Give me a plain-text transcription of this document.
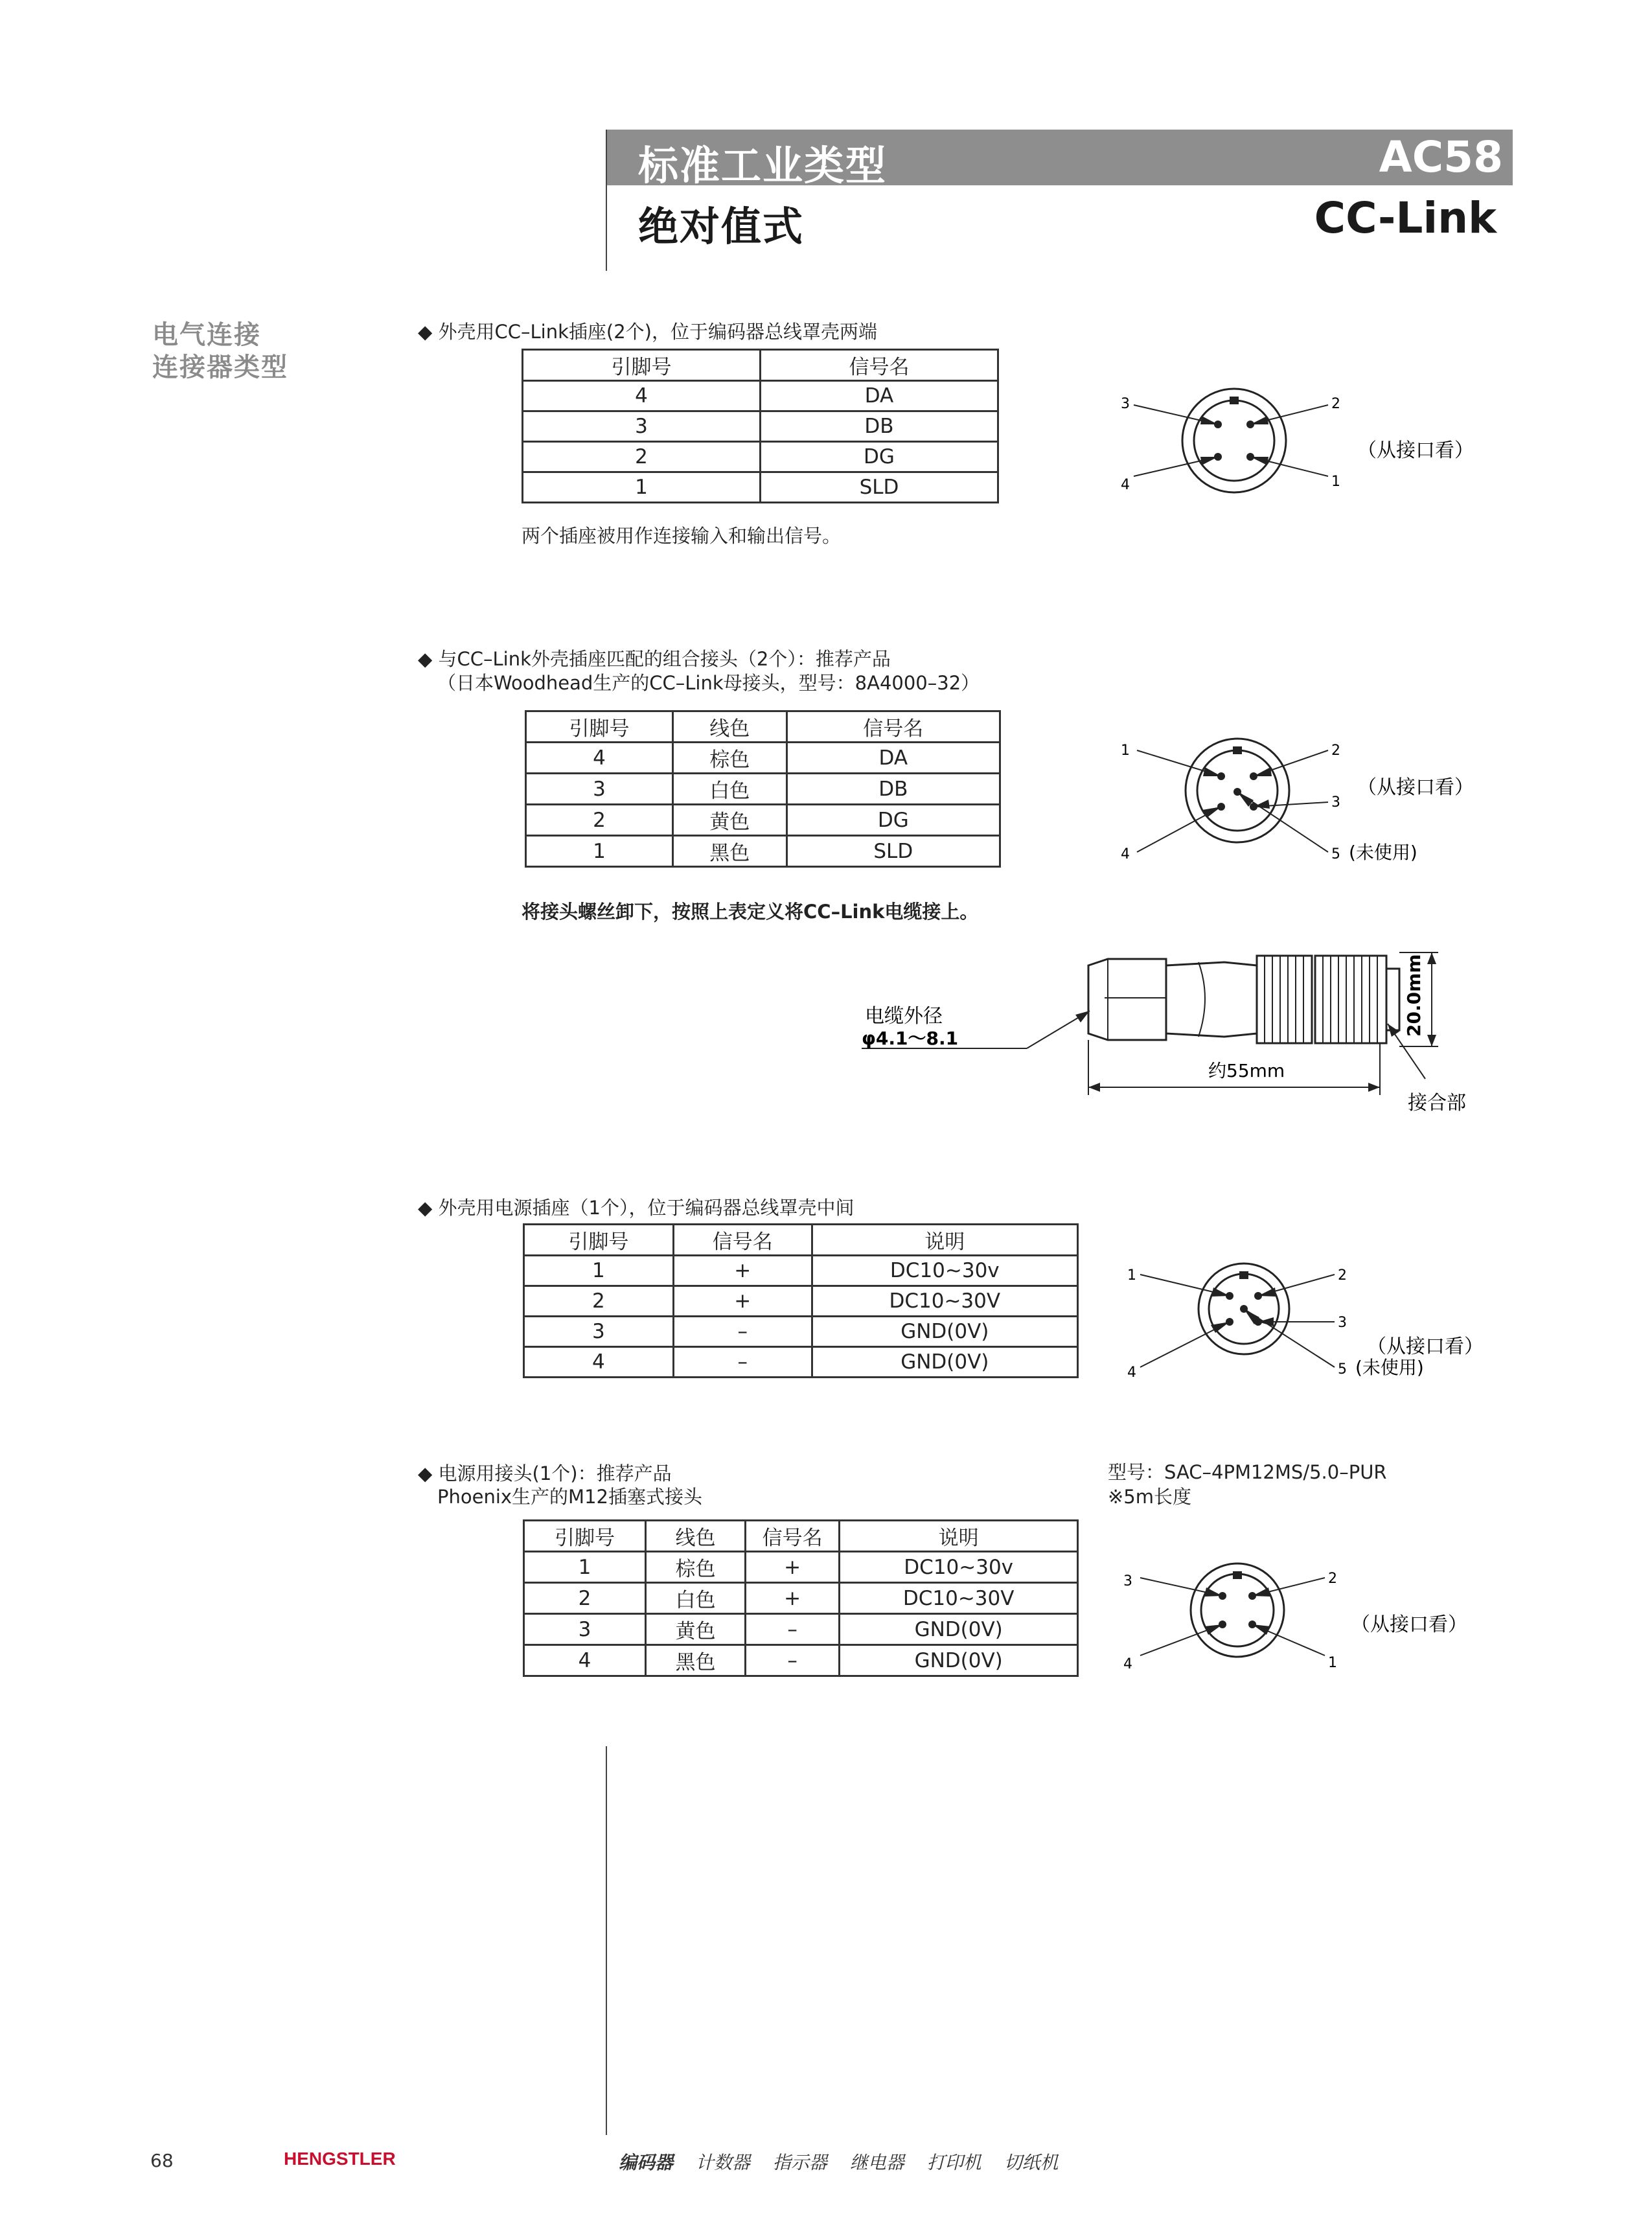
标准工业类型	AC58
绝对值式	CC-Link
电气连接
连接器类型
◆ 外壳用CC–Link插座(2个)，位于编码器总线罩壳两端
引脚号	信号名
4	DA
3	DB
2	DG
1	SLD
两个插座被用作连接输入和输出信号。
3	2
4	1
（从接口看）
◆ 与CC–Link外壳插座匹配的组合接头（2个）：推荐产品
（日本Woodhead生产的CC–Link母接头，型号：8A4000–32）
引脚号	线色	信号名
4	棕色	DA
3	白色	DB
2	黄色	DG
1	黑色	SLD
将接头螺丝卸下，按照上表定义将CC–Link电缆接上。
1	2
3
4	5
（从接口看）
(未使用)
20.0mm
约55mm
电缆外径
φ4.1～8.1
接合部
◆ 外壳用电源插座（1个），位于编码器总线罩壳中间
引脚号	信号名	说明
1	+	DC10~30v
2	+	DC10~30V
3	–	GND(0V)
4	–	GND(0V)
1	2
3
4	5
（从接口看）
(未使用)
◆ 电源用接头(1个)：推荐产品
Phoenix生产的M12插塞式接头
型号：SAC–4PM12MS/5.0–PUR
※5m长度
引脚号	线色	信号名	说明
1	棕色	+	DC10~30v
2	白色	+	DC10~30V
3	黄色	–	GND(0V)
4	黑色	–	GND(0V)
3	2
4	1
（从接口看）
68	HENGSTLER	编码器 计数器 指示器 继电器 打印机 切纸机
